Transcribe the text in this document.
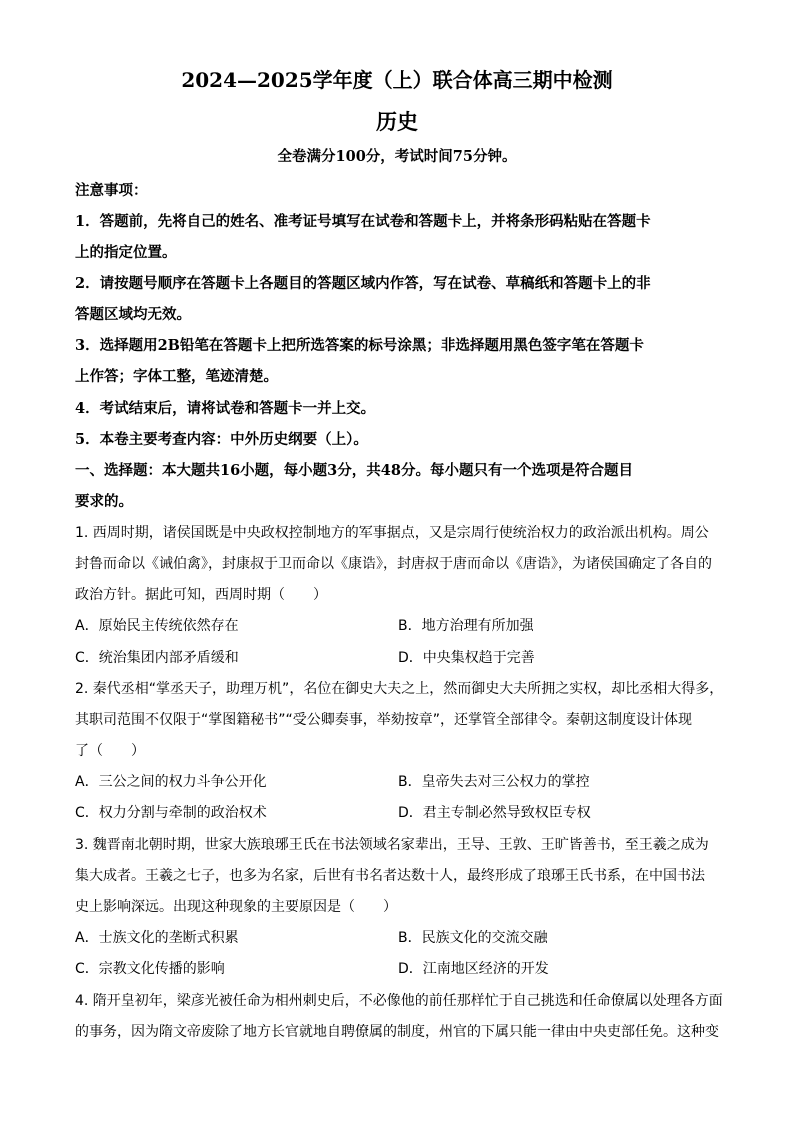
2024—2025学年度（上）联合体高三期中检测
历史
全卷满分100分，考试时间75分钟。
注意事项：
1．答题前，先将自己的姓名、准考证号填写在试卷和答题卡上，并将条形码粘贴在答题卡
上的指定位置。
2．请按题号顺序在答题卡上各题目的答题区域内作答，写在试卷、草稿纸和答题卡上的非
答题区域均无效。
3．选择题用2B铅笔在答题卡上把所选答案的标号涂黑；非选择题用黑色签字笔在答题卡
上作答；字体工整，笔迹清楚。
4．考试结束后，请将试卷和答题卡一并上交。
5．本卷主要考查内容：中外历史纲要（上）。
一、选择题：本大题共16小题，每小题3分，共48分。每小题只有一个选项是符合题目
要求的。
1. 西周时期，诸侯国既是中央政权控制地方的军事据点，又是宗周行使统治权力的政治派出机构。周公
封鲁而命以《诫伯禽》，封康叔于卫而命以《康诰》，封唐叔于唐而命以《唐诰》，为诸侯国确定了各自的
政治方针。据此可知，西周时期（　　）
A．原始民主传统依然存在	B．地方治理有所加强
C．统治集团内部矛盾缓和	D．中央集权趋于完善
2. 秦代丞相“掌丞天子，助理万机”，名位在御史大夫之上，然而御史大夫所拥之实权，却比丞相大得多，
其职司范围不仅限于“掌图籍秘书”“受公卿奏事，举劾按章”，还掌管全部律令。秦朝这制度设计体现
了（　　）
A．三公之间的权力斗争公开化	B．皇帝失去对三公权力的掌控
C．权力分割与牵制的政治权术	D．君主专制必然导致权臣专权
3. 魏晋南北朝时期，世家大族琅琊王氏在书法领域名家辈出，王导、王敦、王旷皆善书，至王羲之成为
集大成者。王羲之七子，也多为名家，后世有书名者达数十人，最终形成了琅琊王氏书系，在中国书法
史上影响深远。出现这种现象的主要原因是（　　）
A．士族文化的垄断式积累	B．民族文化的交流交融
C．宗教文化传播的影响	D．江南地区经济的开发
4. 隋开皇初年，梁彦光被任命为相州刺史后，不必像他的前任那样忙于自己挑选和任命僚属以处理各方面
的事务，因为隋文帝废除了地方长官就地自聘僚属的制度，州官的下属只能一律由中央吏部任免。这种变
